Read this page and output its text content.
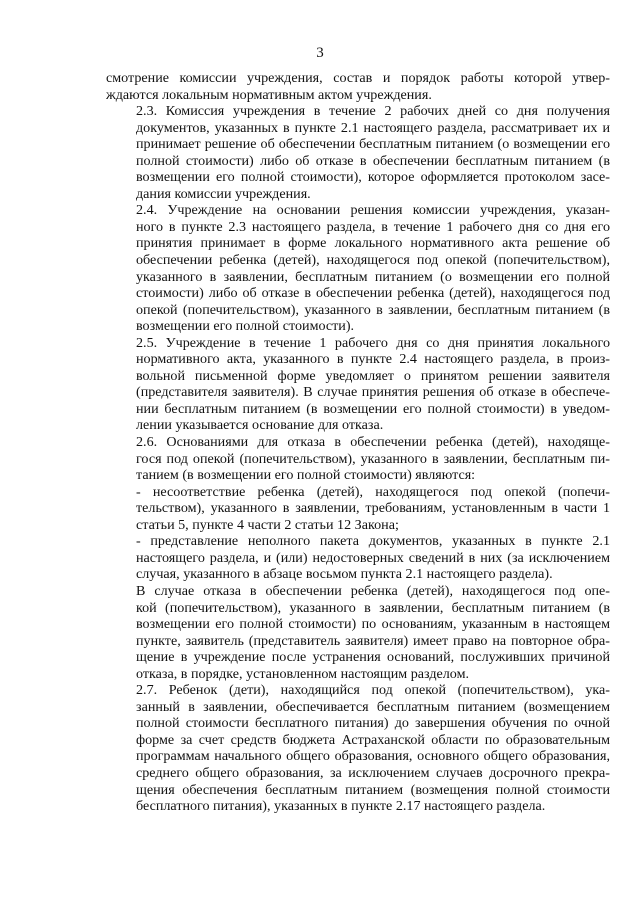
3
смотрение комиссии учреждения, состав и порядок работы которой утвер-
ждаются локальным нормативным актом учреждения.
2.3. Комиссия учреждения в течение 2 рабочих дней со дня получения
документов, указанных в пункте 2.1 настоящего раздела, рассматривает их и
принимает решение об обеспечении бесплатным питанием (о возмещении его
полной стоимости) либо об отказе в обеспечении бесплатным питанием (в
возмещении его полной стоимости), которое оформляется протоколом засе-
дания комиссии учреждения.
2.4. Учреждение на основании решения комиссии учреждения, указан-
ного в пункте 2.3 настоящего раздела, в течение 1 рабочего дня со дня его
принятия принимает в форме локального нормативного акта решение об
обеспечении ребенка (детей), находящегося под опекой (попечительством),
указанного в заявлении, бесплатным питанием (о возмещении его полной
стоимости) либо об отказе в обеспечении ребенка (детей), находящегося под
опекой (попечительством), указанного в заявлении, бесплатным питанием (в
возмещении его полной стоимости).
2.5. Учреждение в течение 1 рабочего дня со дня принятия локального
нормативного акта, указанного в пункте 2.4 настоящего раздела, в произ-
вольной письменной форме уведомляет о принятом решении заявителя
(представителя заявителя). В случае принятия решения об отказе в обеспече-
нии бесплатным питанием (в возмещении его полной стоимости) в уведом-
лении указывается основание для отказа.
2.6. Основаниями для отказа в обеспечении ребенка (детей), находяще-
гося под опекой (попечительством), указанного в заявлении, бесплатным пи-
танием (в возмещении его полной стоимости) являются:
- несоответствие ребенка (детей), находящегося под опекой (попечи-
тельством), указанного в заявлении, требованиям, установленным в части 1
статьи 5, пункте 4 части 2 статьи 12 Закона;
- представление неполного пакета документов, указанных в пункте 2.1
настоящего раздела, и (или) недостоверных сведений в них (за исключением
случая, указанного в абзаце восьмом пункта 2.1 настоящего раздела).
В случае отказа в обеспечении ребенка (детей), находящегося под опе-
кой (попечительством), указанного в заявлении, бесплатным питанием (в
возмещении его полной стоимости) по основаниям, указанным в настоящем
пункте, заявитель (представитель заявителя) имеет право на повторное обра-
щение в учреждение после устранения оснований, послуживших причиной
отказа, в порядке, установленном настоящим разделом.
2.7. Ребенок (дети), находящийся под опекой (попечительством), ука-
занный в заявлении, обеспечивается бесплатным питанием (возмещением
полной стоимости бесплатного питания) до завершения обучения по очной
форме за счет средств бюджета Астраханской области по образовательным
программам начального общего образования, основного общего образования,
среднего общего образования, за исключением случаев досрочного прекра-
щения обеспечения бесплатным питанием (возмещения полной стоимости
бесплатного питания), указанных в пункте 2.17 настоящего раздела.
